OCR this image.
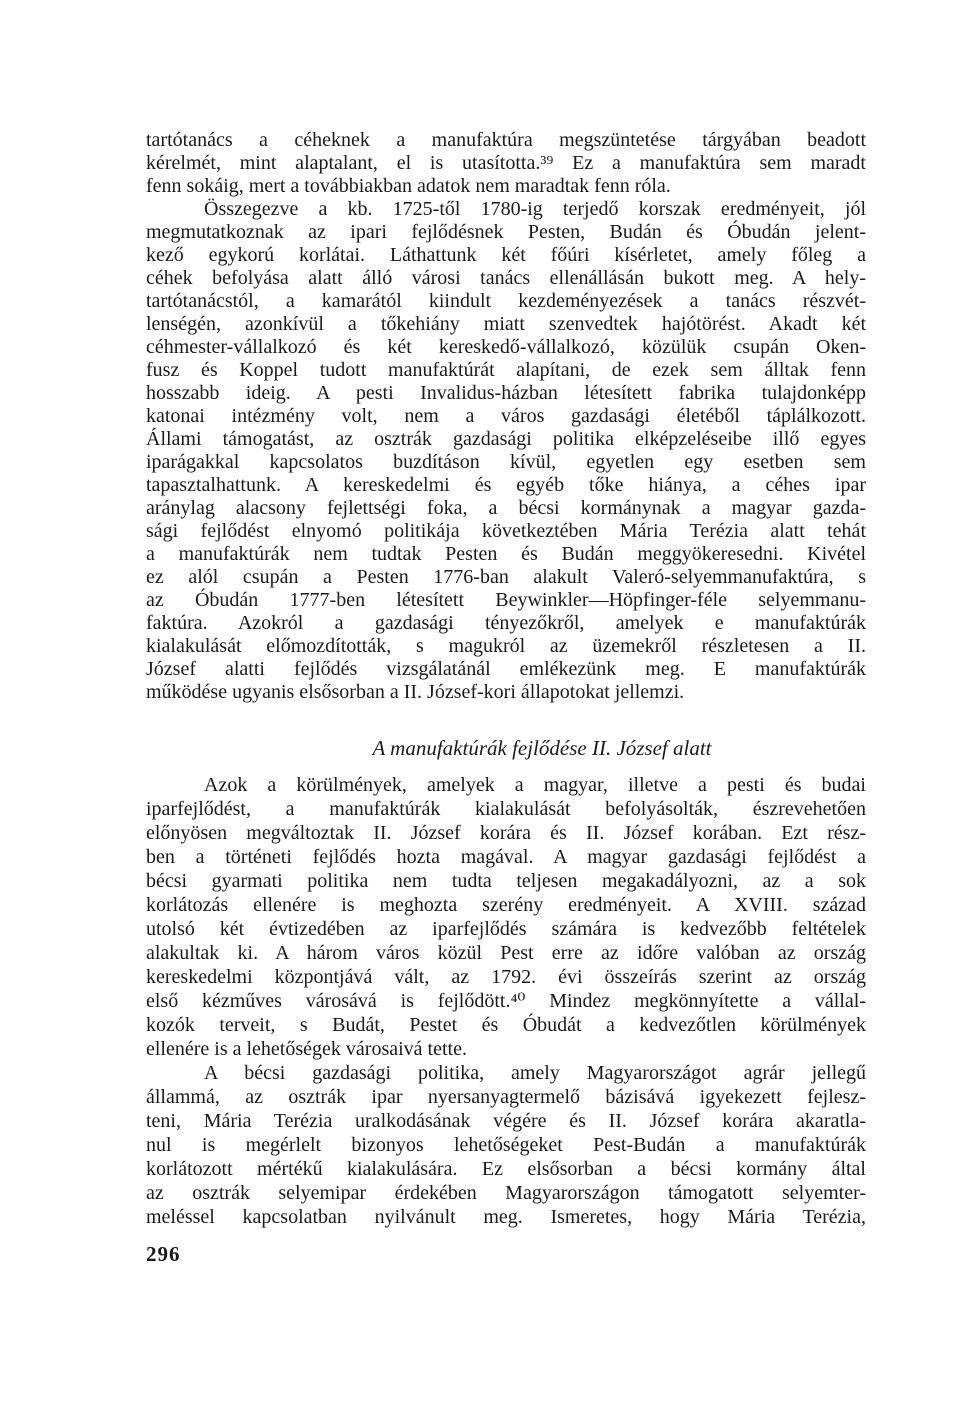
tartótanács a céheknek a manufaktúra megszüntetése tárgyában beadott
kérelmét, mint alaptalant, el is utasította.³⁹ Ez a manufaktúra sem maradt
fenn sokáig, mert a továbbiakban adatok nem maradtak fenn róla.
Összegezve a kb. 1725-től 1780-ig terjedő korszak eredményeit, jól
megmutatkoznak az ipari fejlődésnek Pesten, Budán és Óbudán jelent-
kező egykorú korlátai. Láthattunk két főúri kísérletet, amely főleg a
céhek befolyása alatt álló városi tanács ellenállásán bukott meg. A hely-
tartótanácstól, a kamarától kiindult kezdeményezések a tanács részvét-
lenségén, azonkívül a tőkehiány miatt szenvedtek hajótörést. Akadt két
céhmester-vállalkozó és két kereskedő-vállalkozó, közülük csupán Oken-
fusz és Koppel tudott manufaktúrát alapítani, de ezek sem álltak fenn
hosszabb ideig. A pesti Invalidus-házban létesített fabrika tulajdonképp
katonai intézmény volt, nem a város gazdasági életéből táplálkozott.
Állami támogatást, az osztrák gazdasági politika elképzeléseibe illő egyes
iparágakkal kapcsolatos buzdításon kívül, egyetlen egy esetben sem
tapasztalhattunk. A kereskedelmi és egyéb tőke hiánya, a céhes ipar
aránylag alacsony fejlettségi foka, a bécsi kormánynak a magyar gazda-
sági fejlődést elnyomó politikája következtében Mária Terézia alatt tehát
a manufaktúrák nem tudtak Pesten és Budán meggyökeresedni. Kivétel
ez alól csupán a Pesten 1776-ban alakult Valeró-selyemmanufaktúra, s
az Óbudán 1777-ben létesített Beywinkler—Höpfinger-féle selyemmanu-
faktúra. Azokról a gazdasági tényezőkről, amelyek e manufaktúrák
kialakulását előmozdították, s magukról az üzemekről részletesen a II.
József alatti fejlődés vizsgálatánál emlékezünk meg. E manufaktúrák
működése ugyanis elsősorban a II. József-kori állapotokat jellemzi.
A manufaktúrák fejlődése II. József alatt
Azok a körülmények, amelyek a magyar, illetve a pesti és budai
iparfejlődést, a manufaktúrák kialakulását befolyásolták, észrevehetően
előnyösen megváltoztak II. József korára és II. József korában. Ezt rész-
ben a történeti fejlődés hozta magával. A magyar gazdasági fejlődést a
bécsi gyarmati politika nem tudta teljesen megakadályozni, az a sok
korlátozás ellenére is meghozta szerény eredményeit. A XVIII. század
utolsó két évtizedében az iparfejlődés számára is kedvezőbb feltételek
alakultak ki. A három város közül Pest erre az időre valóban az ország
kereskedelmi központjává vált, az 1792. évi összeírás szerint az ország
első kézműves városává is fejlődött.⁴⁰ Mindez megkönnyítette a vállal-
kozók terveit, s Budát, Pestet és Óbudát a kedvezőtlen körülmények
ellenére is a lehetőségek városaivá tette.
A bécsi gazdasági politika, amely Magyarországot agrár jellegű
állammá, az osztrák ipar nyersanyagtermelő bázisává igyekezett fejlesz-
teni, Mária Terézia uralkodásának végére és II. József korára akaratla-
nul is megérlelt bizonyos lehetőségeket Pest-Budán a manufaktúrák
korlátozott mértékű kialakulására. Ez elsősorban a bécsi kormány által
az osztrák selyemipar érdekében Magyarországon támogatott selyemter-
meléssel kapcsolatban nyilvánult meg. Ismeretes, hogy Mária Terézia,
296
